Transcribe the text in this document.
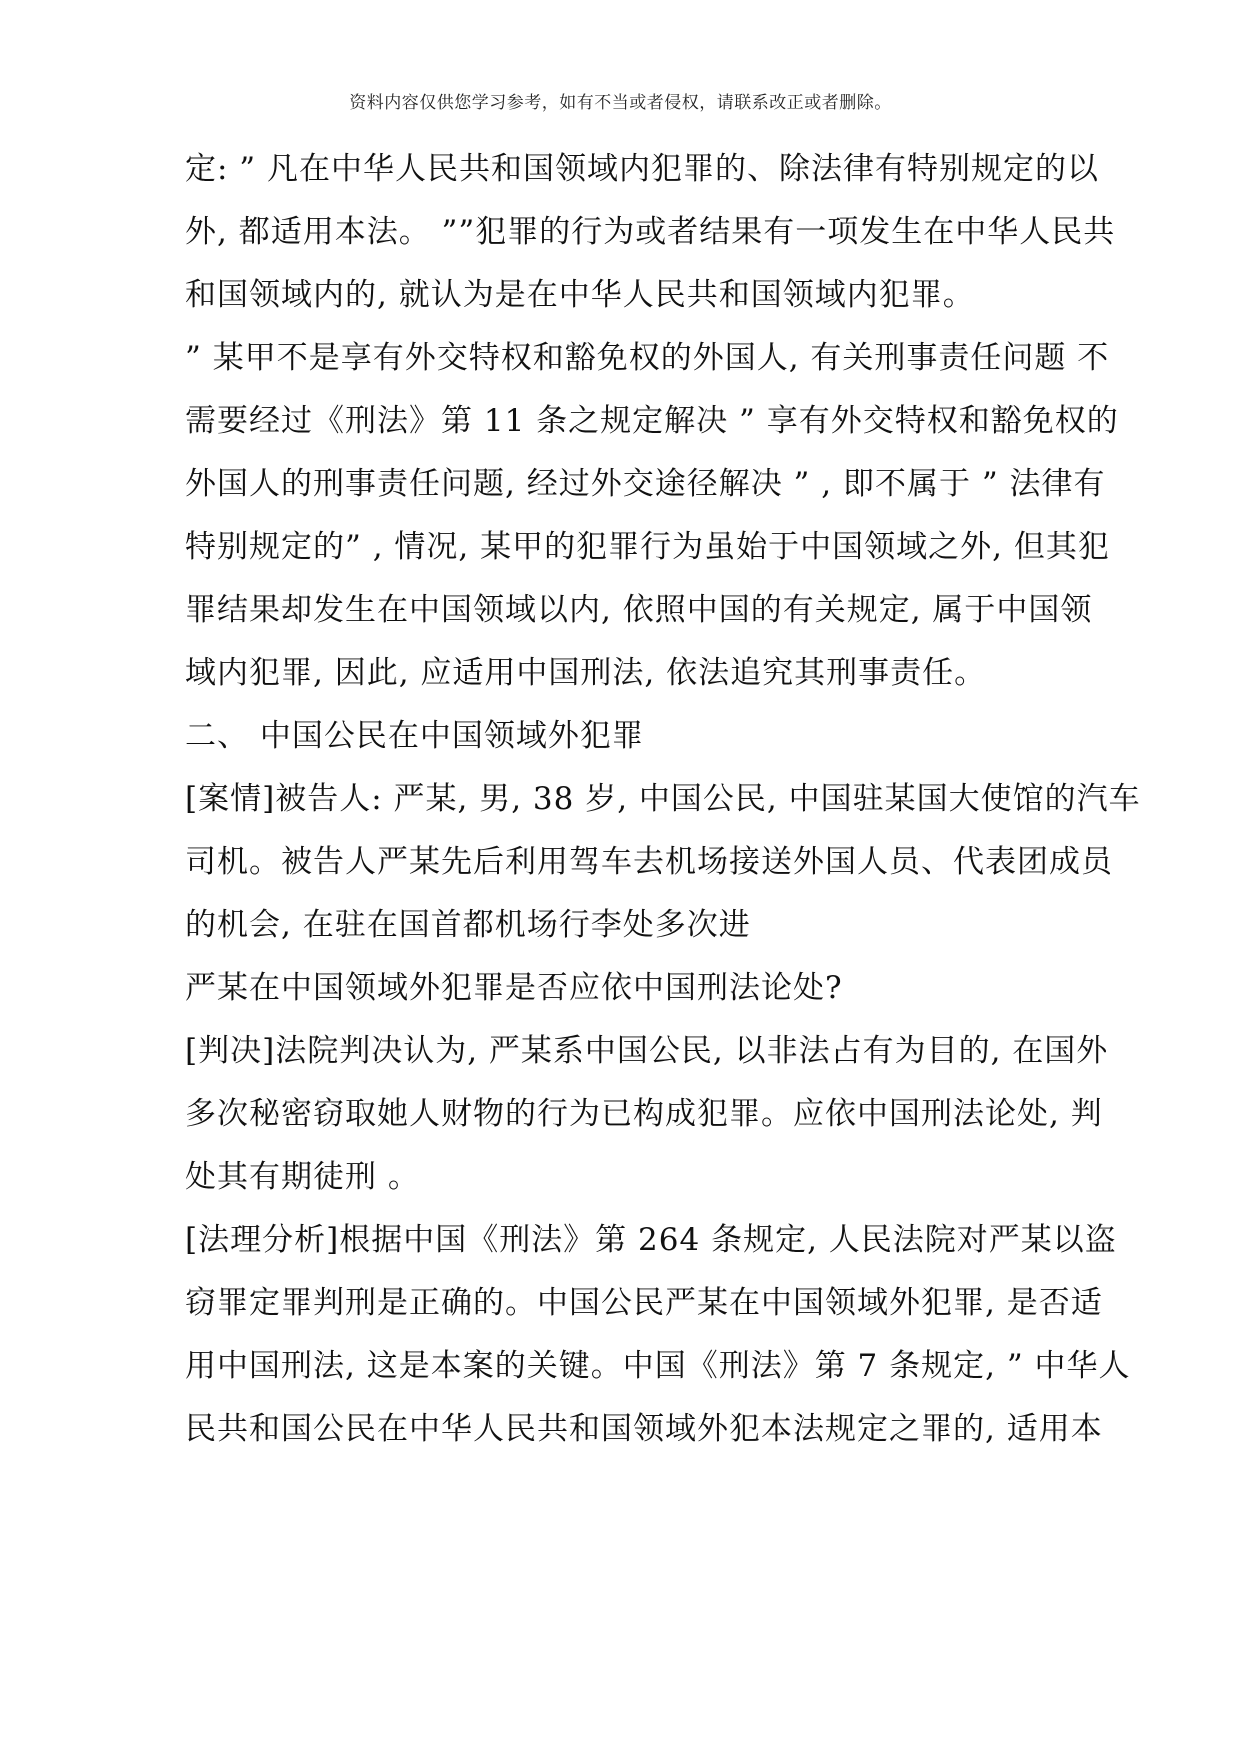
资料内容仅供您学习参考，如有不当或者侵权，请联系改正或者删除。
定: ” 凡在中华人民共和国领域内犯罪的、除法律有特别规定的以
外, 都适用本法。 ””犯罪的行为或者结果有一项发生在中华人民共
和国领域内的, 就认为是在中华人民共和国领域内犯罪。
” 某甲不是享有外交特权和豁免权的外国人, 有关刑事责任问题 不
需要经过《刑法》第 11 条之规定解决 ” 享有外交特权和豁免权的
外国人的刑事责任问题, 经过外交途径解决 ” , 即不属于 ” 法律有
特别规定的” , 情况, 某甲的犯罪行为虽始于中国领域之外, 但其犯
罪结果却发生在中国领域以内, 依照中国的有关规定, 属于中国领
域内犯罪, 因此, 应适用中国刑法, 依法追究其刑事责任。
二、 中国公民在中国领域外犯罪
[案情]被告人: 严某, 男, 38 岁, 中国公民, 中国驻某国大使馆的汽车
司机。被告人严某先后利用驾车去机场接送外国人员、代表团成员
的机会, 在驻在国首都机场行李处多次进
严某在中国领域外犯罪是否应依中国刑法论处?
[判决]法院判决认为, 严某系中国公民, 以非法占有为目的, 在国外
多次秘密窃取她人财物的行为已构成犯罪。应依中国刑法论处, 判
处其有期徒刑 。
[法理分析]根据中国《刑法》第 264 条规定, 人民法院对严某以盗
窃罪定罪判刑是正确的。中国公民严某在中国领域外犯罪, 是否适
用中国刑法, 这是本案的关键。中国《刑法》第 7 条规定, ” 中华人
民共和国公民在中华人民共和国领域外犯本法规定之罪的, 适用本
